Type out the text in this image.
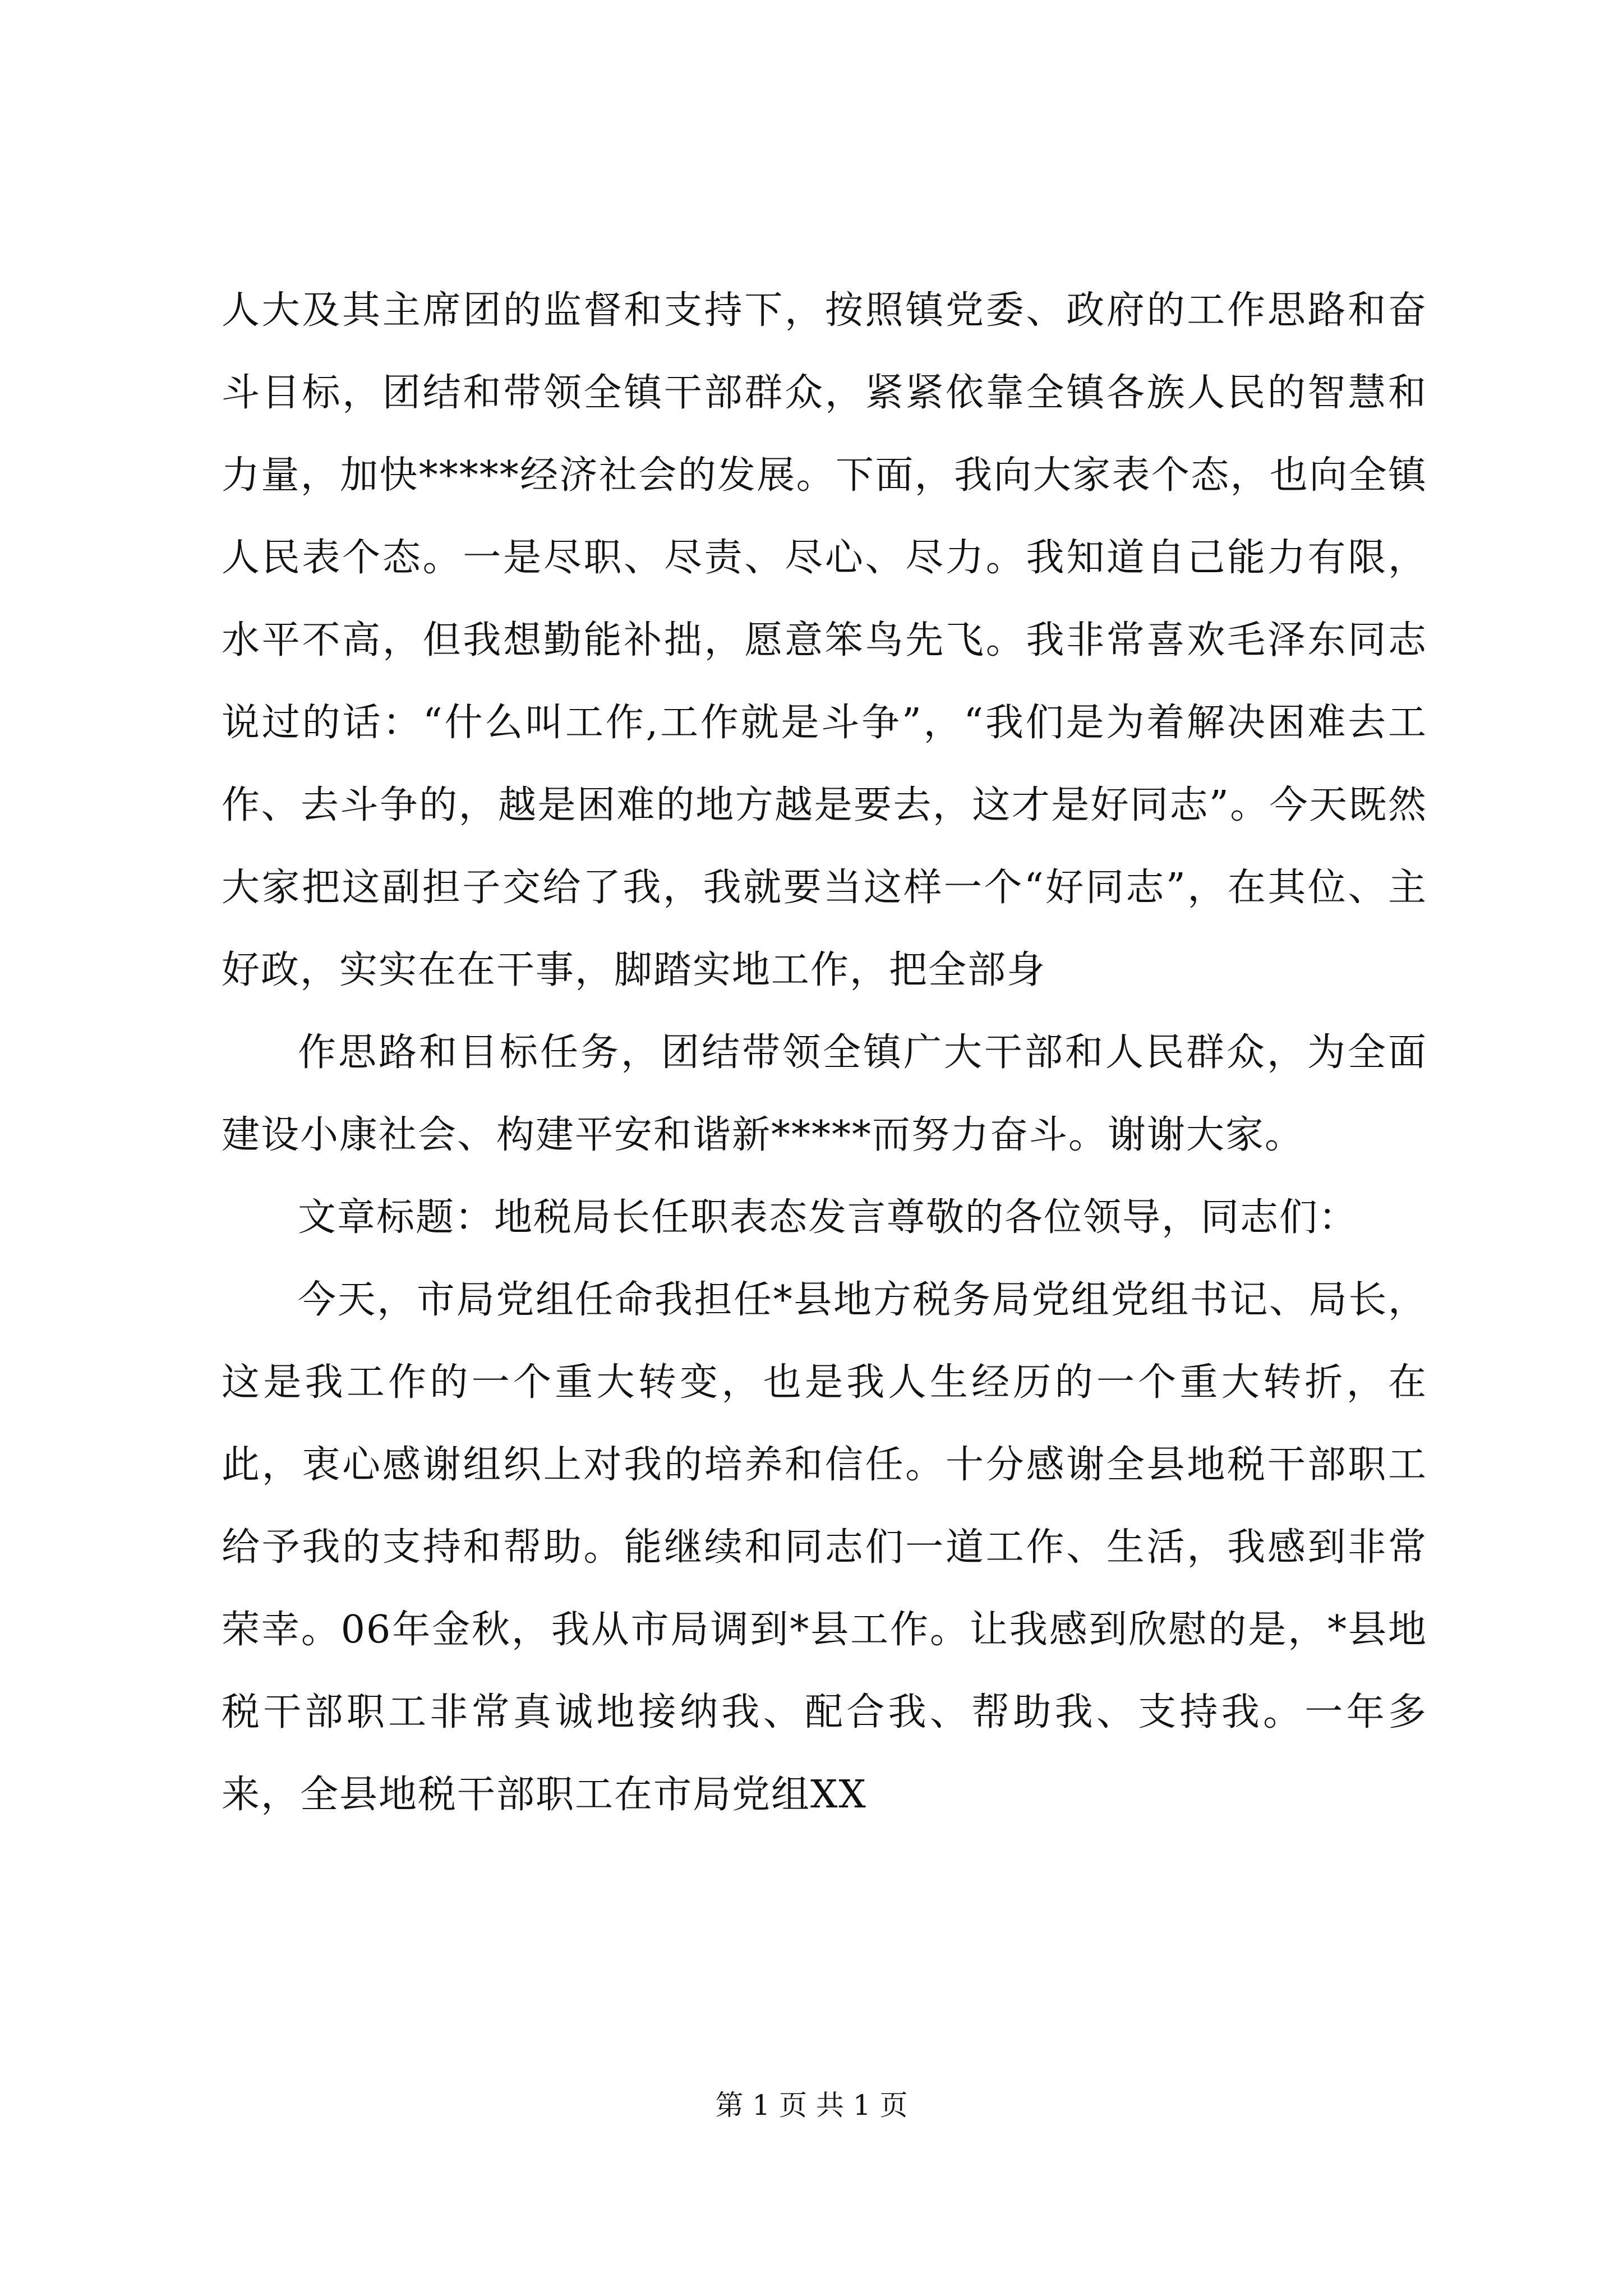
人大及其主席团的监督和支持下，按照镇党委、政府的工作思路和奋斗目标，团结和带领全镇干部群众，紧紧依靠全镇各族人民的智慧和力量，加快*****经济社会的发展。下面，我向大家表个态，也向全镇人民表个态。一是尽职、尽责、尽心、尽力。我知道自己能力有限，水平不高，但我想勤能补拙，愿意笨鸟先飞。我非常喜欢毛泽东同志说过的话：“什么叫工作,工作就是斗争”，“我们是为着解决困难去工作、去斗争的，越是困难的地方越是要去，这才是好同志”。今天既然大家把这副担子交给了我，我就要当这样一个“好同志”，在其位、主好政，实实在在干事，脚踏实地工作，把全部身

作思路和目标任务，团结带领全镇广大干部和人民群众，为全面建设小康社会、构建平安和谐新*****而努力奋斗。谢谢大家。

文章标题：地税局长任职表态发言尊敬的各位领导，同志们：

今天，市局党组任命我担任*县地方税务局党组党组书记、局长，这是我工作的一个重大转变，也是我人生经历的一个重大转折，在此，衷心感谢组织上对我的培养和信任。十分感谢全县地税干部职工给予我的支持和帮助。能继续和同志们一道工作、生活，我感到非常荣幸。06年金秋，我从市局调到*县工作。让我感到欣慰的是，*县地税干部职工非常真诚地接纳我、配合我、帮助我、支持我。一年多来，全县地税干部职工在市局党组XX

第 1 页 共 1 页
